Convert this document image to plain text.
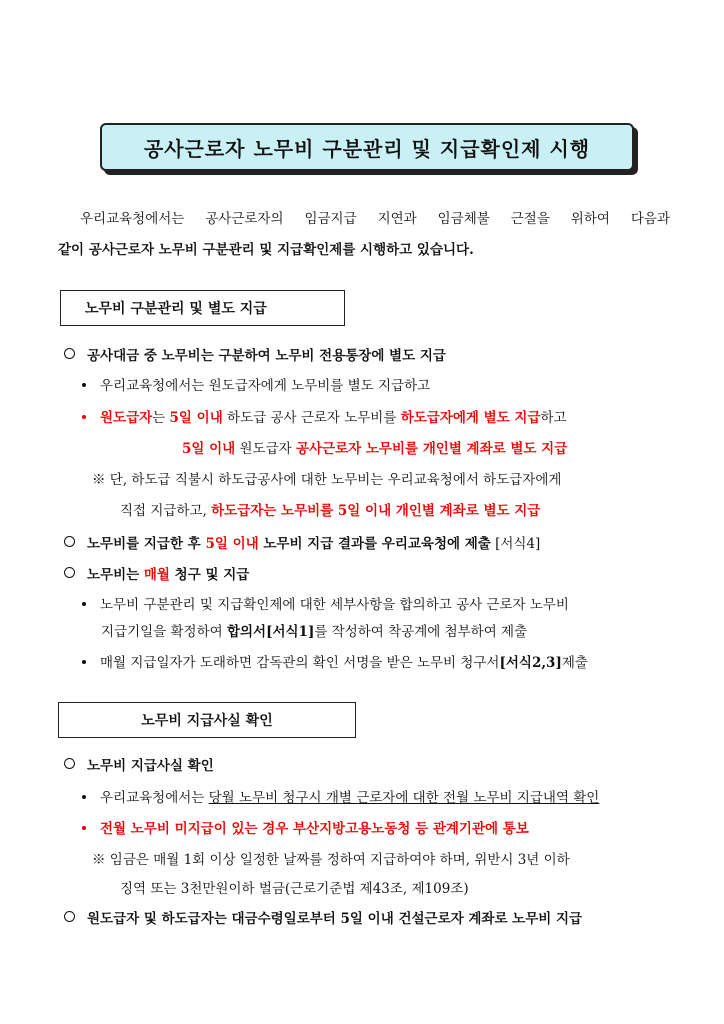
공사근로자 노무비 구분관리 및 지급확인제 시행

우리교육청에서는 공사근로자의 임금지급 지연과 임금체불 근절을 위하여 다음과

같이 공사근로자 노무비 구분관리 및 지급확인제를 시행하고 있습니다.

노무비 구분관리 및 별도 지급
공사대금 중 노무비는 구분하여 노무비 전용통장에 별도 지급
우리교육청에서는 원도급자에게 노무비를 별도 지급하고
원도급자는 5일 이내 하도급 공사 근로자 노무비를 하도급자에게 별도 지급하고
5일 이내 원도급자 공사근로자 노무비를 개인별 계좌로 별도 지급
※ 단, 하도급 직불시 하도급공사에 대한 노무비는 우리교육청에서 하도급자에게
직접 지급하고, 하도급자는 노무비를 5일 이내 개인별 계좌로 별도 지급
노무비를 지급한 후 5일 이내 노무비 지급 결과를 우리교육청에 제출 [서식4]
노무비는 매월 청구 및 지급
노무비 구분관리 및 지급확인제에 대한 세부사항을 합의하고 공사 근로자 노무비
지급기일을 확정하여 합의서[서식1]를 작성하여 착공계에 첨부하여 제출
매월 지급일자가 도래하면 감독관의 확인 서명을 받은 노무비 청구서[서식2,3]제출
노무비 지급사실 확인
노무비 지급사실 확인
우리교육청에서는 당월 노무비 청구시 개별 근로자에 대한 전월 노무비 지급내역 확인
전월 노무비 미지급이 있는 경우 부산지방고용노동청 등 관계기관에 통보
※ 임금은 매월 1회 이상 일정한 날짜를 정하여 지급하여야 하며, 위반시 3년 이하
징역 또는 3천만원이하 벌금(근로기준법 제43조, 제109조)
원도급자 및 하도급자는 대금수령일로부터 5일 이내 건설근로자 계좌로 노무비 지급
